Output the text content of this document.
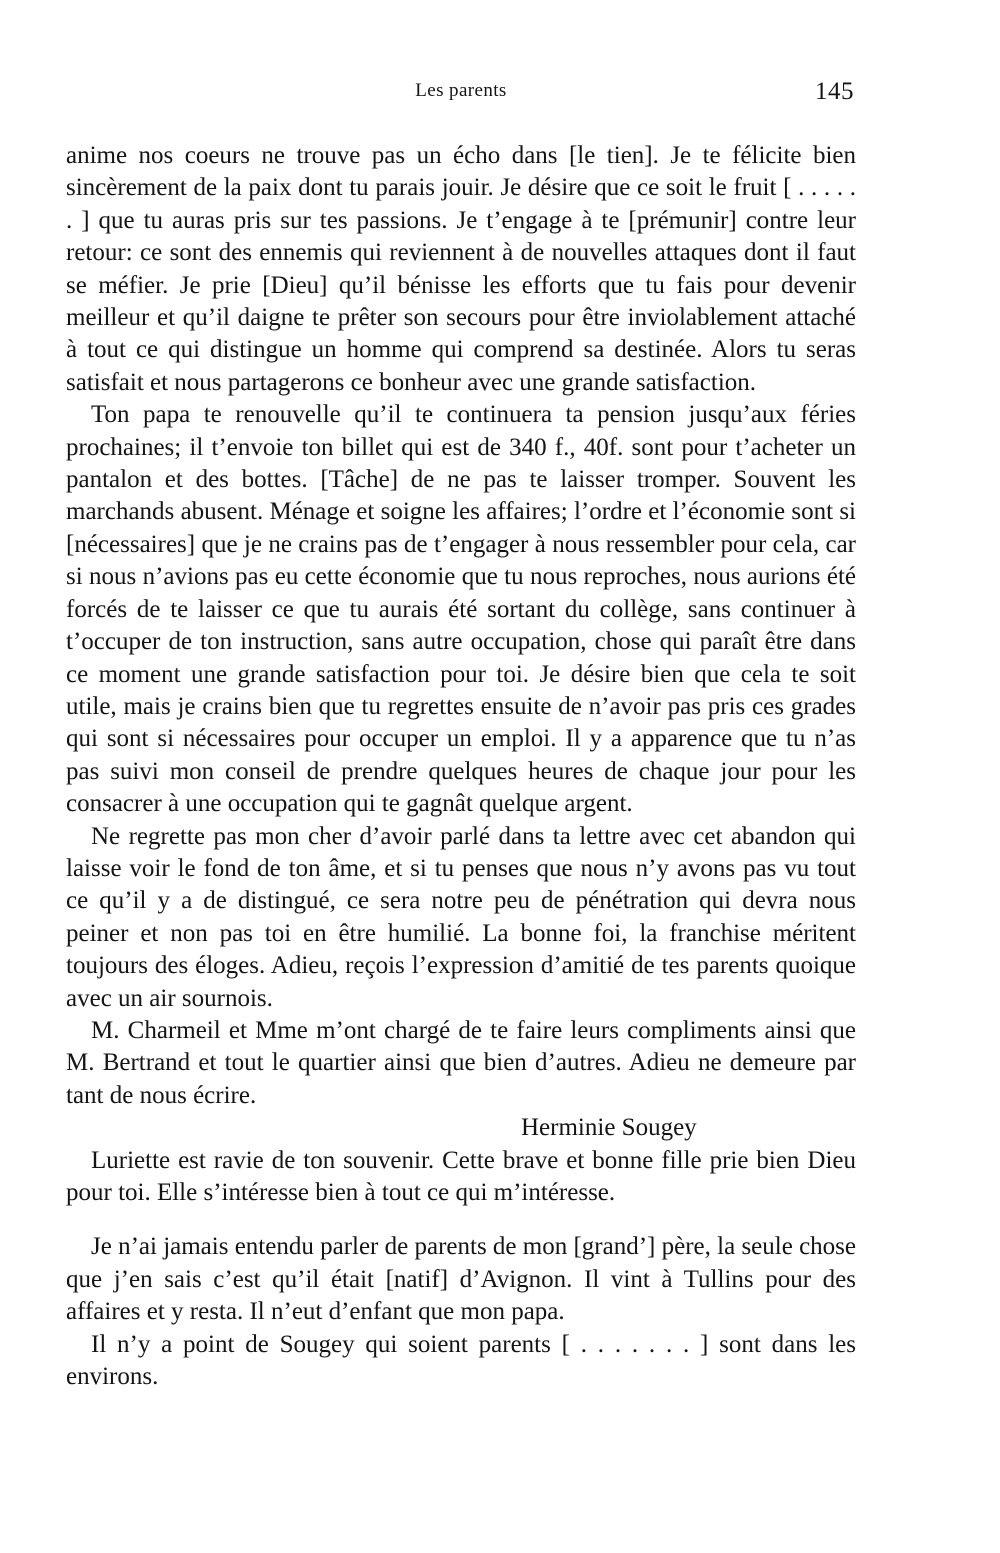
Les parents	145

anime nos coeurs ne trouve pas un écho dans [le tien]. Je te félicite bien sincèrement de la paix dont tu parais jouir. Je désire que ce soit le fruit [ . . . . . . ] que tu auras pris sur tes passions. Je t’engage à te [prémunir] contre leur retour: ce sont des ennemis qui reviennent à de nouvelles attaques dont il faut se méfier. Je prie [Dieu] qu’il bénisse les efforts que tu fais pour devenir meilleur et qu’il daigne te prêter son secours pour être inviolablement attaché à tout ce qui distingue un homme qui comprend sa destinée. Alors tu seras satisfait et nous partagerons ce bonheur avec une grande satisfaction.

Ton papa te renouvelle qu’il te continuera ta pension jusqu’aux féries prochaines; il t’envoie ton billet qui est de 340 f., 40f. sont pour t’acheter un pantalon et des bottes. [Tâche] de ne pas te laisser tromper. Souvent les marchands abusent. Ménage et soigne les affaires; l’ordre et l’économie sont si [nécessaires] que je ne crains pas de t’engager à nous ressembler pour cela, car si nous n’avions pas eu cette économie que tu nous reproches, nous aurions été forcés de te laisser ce que tu aurais été sortant du collège, sans continuer à t’occuper de ton instruction, sans autre occupation, chose qui paraît être dans ce moment une grande satisfaction pour toi. Je désire bien que cela te soit utile, mais je crains bien que tu regrettes ensuite de n’avoir pas pris ces grades qui sont si nécessaires pour occuper un emploi. Il y a apparence que tu n’as pas suivi mon conseil de prendre quelques heures de chaque jour pour les consacrer à une occupation qui te gagnât quelque argent.

Ne regrette pas mon cher d’avoir parlé dans ta lettre avec cet abandon qui laisse voir le fond de ton âme, et si tu penses que nous n’y avons pas vu tout ce qu’il y a de distingué, ce sera notre peu de pénétration qui devra nous peiner et non pas toi en être humilié. La bonne foi, la franchise méritent toujours des éloges. Adieu, reçois l’expression d’amitié de tes parents quoique avec un air sournois.

M. Charmeil et Mme m’ont chargé de te faire leurs compliments ainsi que M. Bertrand et tout le quartier ainsi que bien d’autres. Adieu ne demeure par tant de nous écrire.

Herminie Sougey

Luriette est ravie de ton souvenir. Cette brave et bonne fille prie bien Dieu pour toi. Elle s’intéresse bien à tout ce qui m’intéresse.

Je n’ai jamais entendu parler de parents de mon [grand’] père, la seule chose que j’en sais c’est qu’il était [natif] d’Avignon. Il vint à Tullins pour des affaires et y resta. Il n’eut d’enfant que mon papa.

Il n’y a point de Sougey qui soient parents [ . . . . . . . ] sont dans les environs.
